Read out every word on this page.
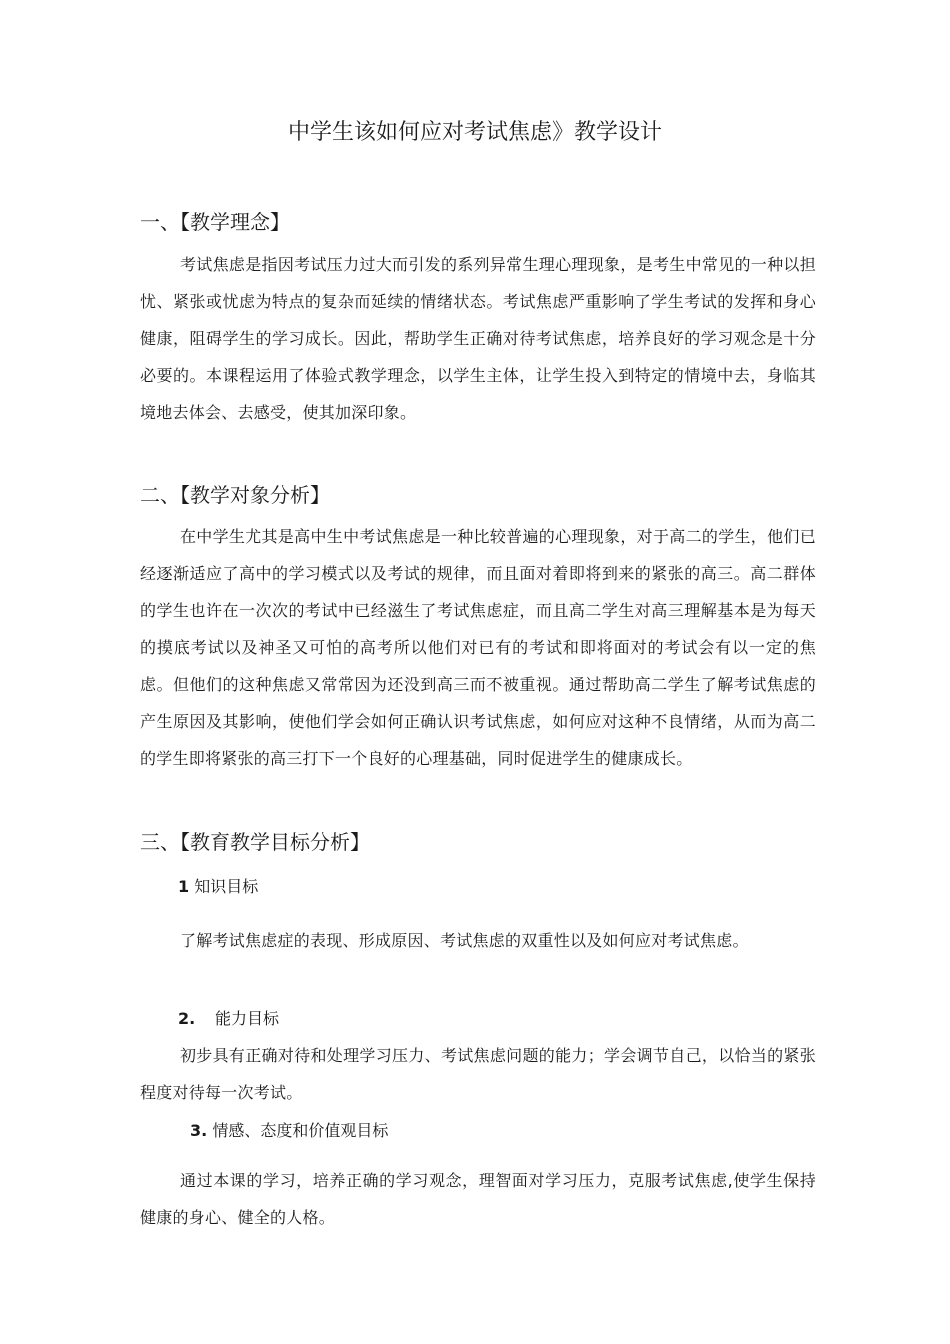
中学生该如何应对考试焦虑》教学设计
一、【教学理念】
考试焦虑是指因考试压力过大而引发的系列异常生理心理现象，是考生中常见的一种以担忧、紧张或忧虑为特点的复杂而延续的情绪状态。考试焦虑严重影响了学生考试的发挥和身心健康，阻碍学生的学习成长。因此，帮助学生正确对待考试焦虑，培养良好的学习观念是十分必要的。本课程运用了体验式教学理念，以学生主体，让学生投入到特定的情境中去，身临其境地去体会、去感受，使其加深印象。
二、【教学对象分析】
在中学生尤其是高中生中考试焦虑是一种比较普遍的心理现象，对于高二的学生，他们已经逐渐适应了高中的学习模式以及考试的规律，而且面对着即将到来的紧张的高三。高二群体的学生也许在一次次的考试中已经滋生了考试焦虑症，而且高二学生对高三理解基本是为每天的摸底考试以及神圣又可怕的高考所以他们对已有的考试和即将面对的考试会有以一定的焦虑。但他们的这种焦虑又常常因为还没到高三而不被重视。通过帮助高二学生了解考试焦虑的产生原因及其影响，使他们学会如何正确认识考试焦虑，如何应对这种不良情绪，从而为高二的学生即将紧张的高三打下一个良好的心理基础，同时促进学生的健康成长。
三、【教育教学目标分析】
1 知识目标
了解考试焦虑症的表现、形成原因、考试焦虑的双重性以及如何应对考试焦虑。
2. 能力目标
初步具有正确对待和处理学习压力、考试焦虑问题的能力；学会调节自己，以恰当的紧张程度对待每一次考试。
3. 情感、态度和价值观目标
通过本课的学习，培养正确的学习观念，理智面对学习压力，克服考试焦虑,使学生保持健康的身心、健全的人格。
